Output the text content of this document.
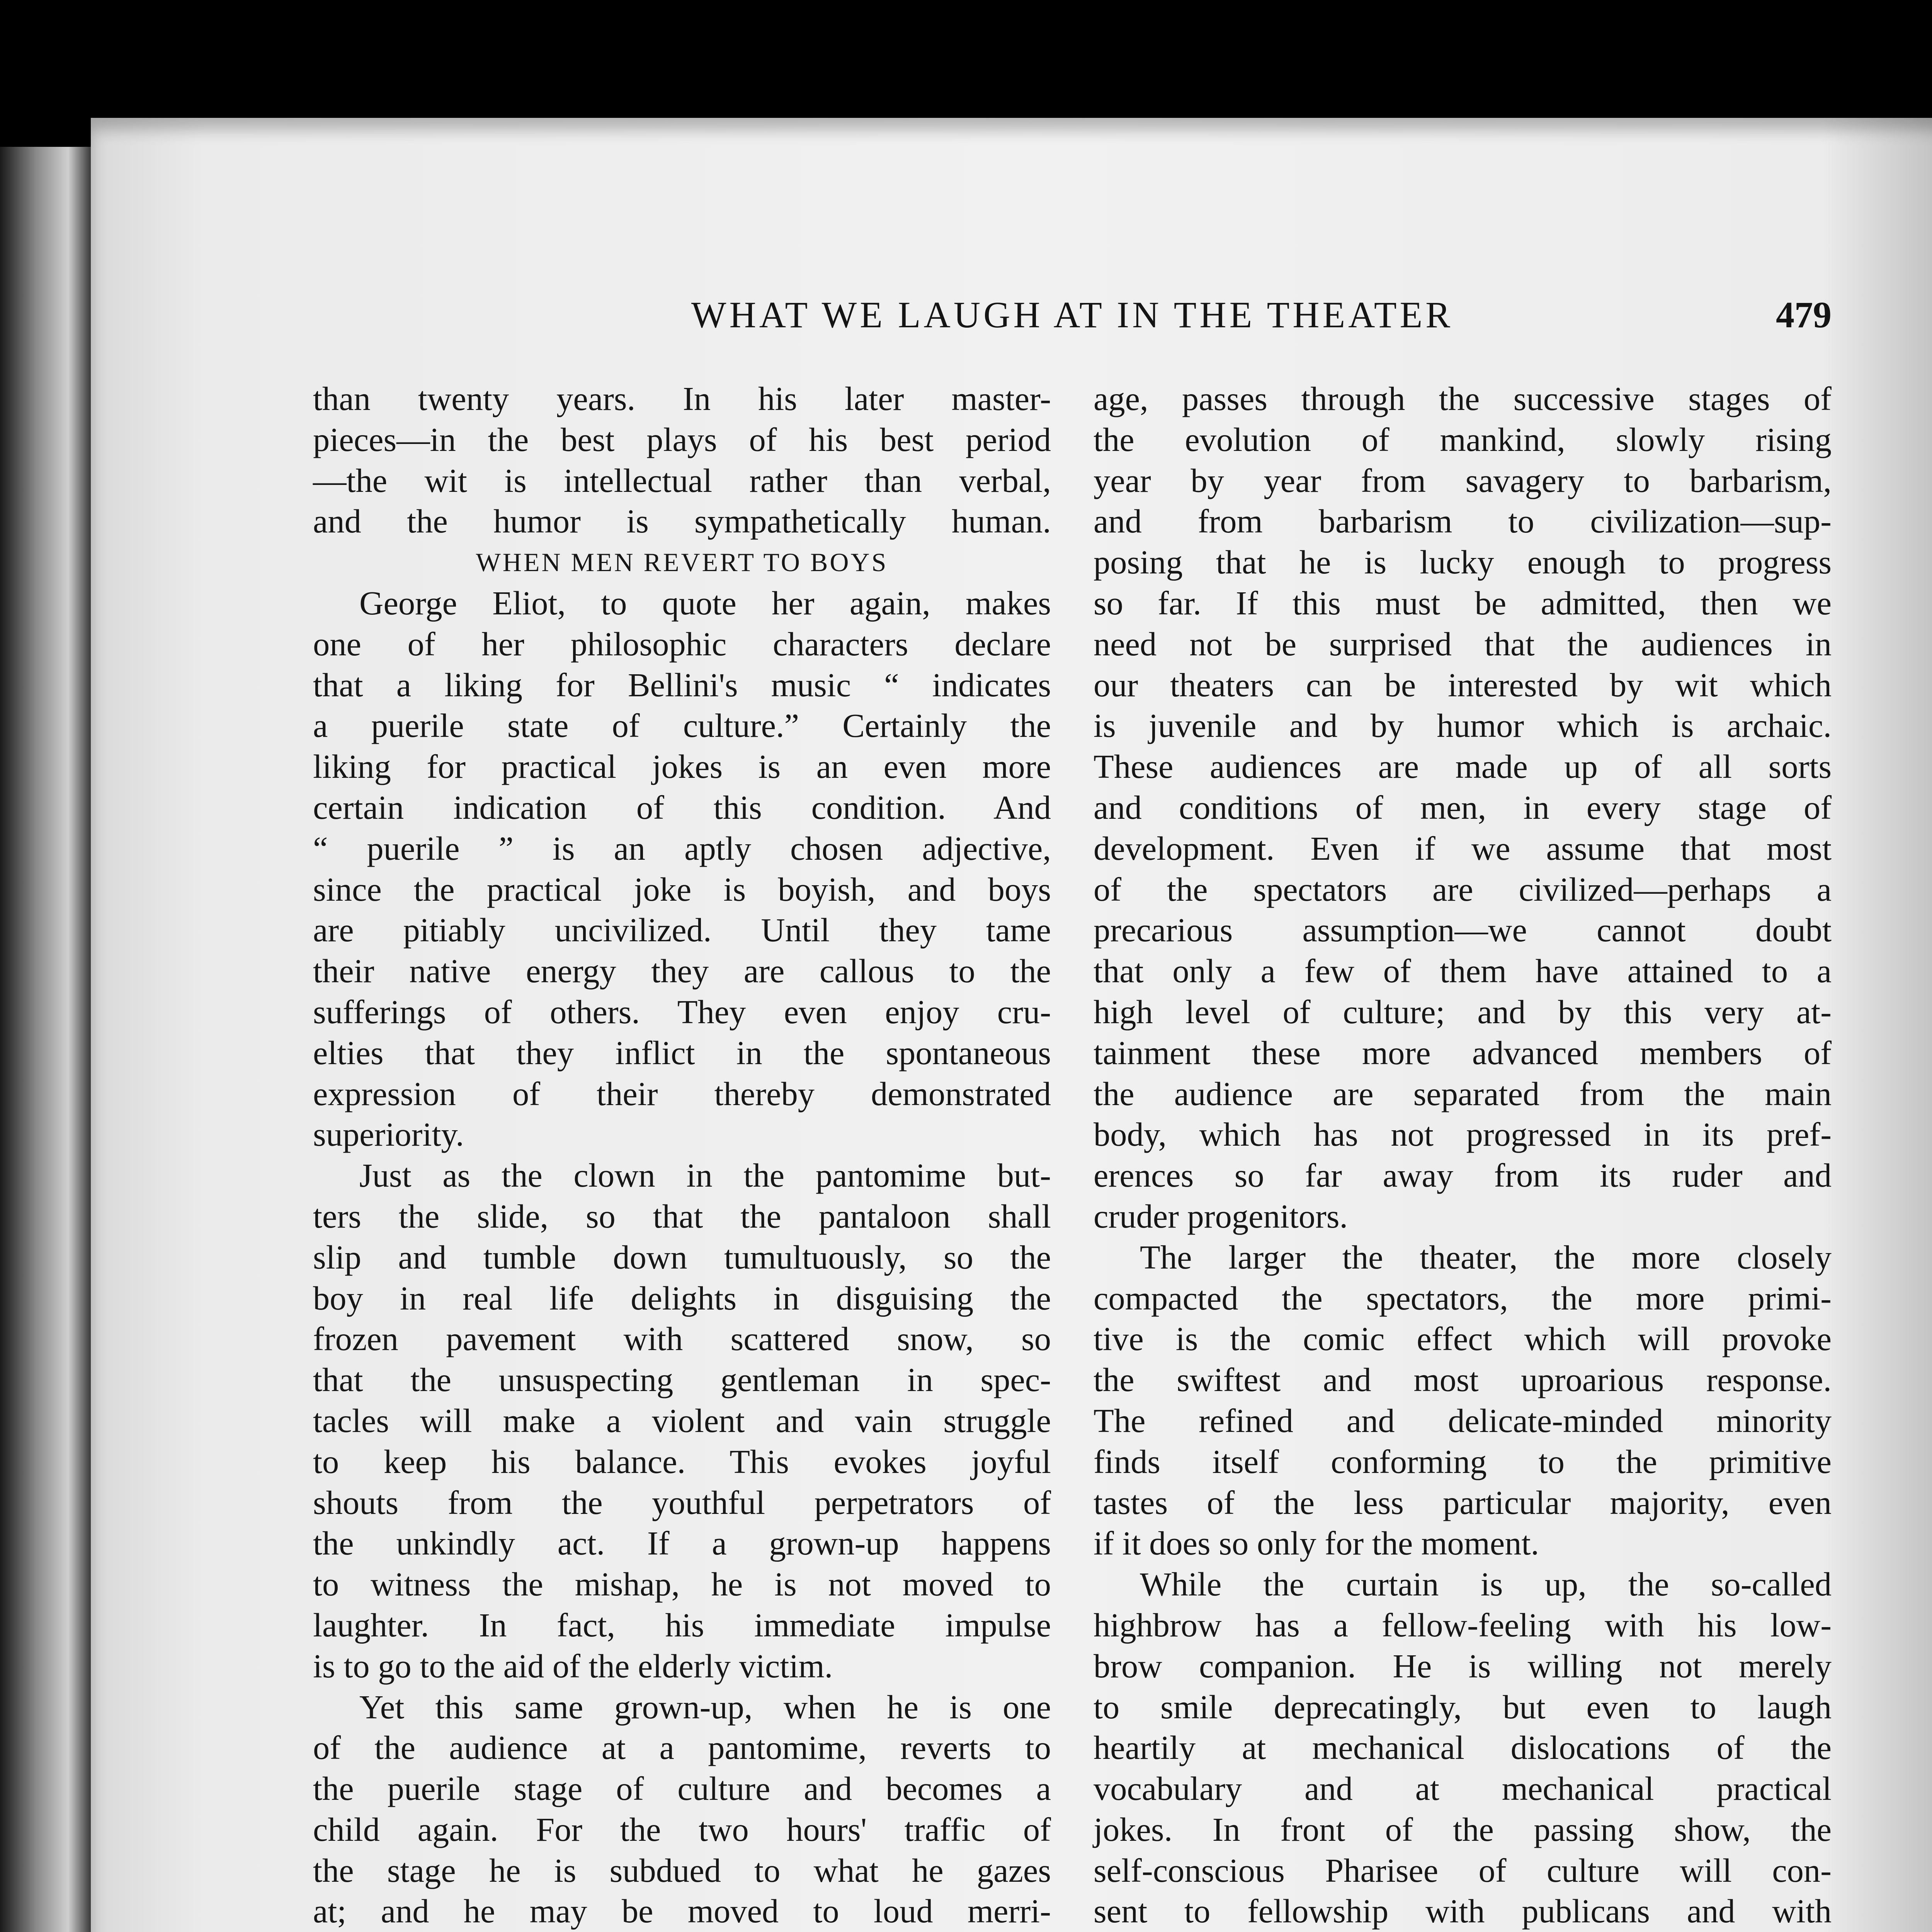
WHAT WE LAUGH AT IN THE THEATER	479
than twenty years. In his later master-
pieces—in the best plays of his best period
—the wit is intellectual rather than verbal,
and the humor is sympathetically human.
WHEN MEN REVERT TO BOYS
George Eliot, to quote her again, makes
one of her philosophic characters declare
that a liking for Bellini's music “ indicates
a puerile state of culture.” Certainly the
liking for practical jokes is an even more
certain indication of this condition. And
“ puerile ” is an aptly chosen adjective,
since the practical joke is boyish, and boys
are pitiably uncivilized. Until they tame
their native energy they are callous to the
sufferings of others. They even enjoy cru-
elties that they inflict in the spontaneous
expression of their thereby demonstrated
superiority.
Just as the clown in the pantomime but-
ters the slide, so that the pantaloon shall
slip and tumble down tumultuously, so the
boy in real life delights in disguising the
frozen pavement with scattered snow, so
that the unsuspecting gentleman in spec-
tacles will make a violent and vain struggle
to keep his balance. This evokes joyful
shouts from the youthful perpetrators of
the unkindly act. If a grown-up happens
to witness the mishap, he is not moved to
laughter. In fact, his immediate impulse
is to go to the aid of the elderly victim.
Yet this same grown-up, when he is one
of the audience at a pantomime, reverts to
the puerile stage of culture and becomes a
child again. For the two hours' traffic of
the stage he is subdued to what he gazes
at; and he may be moved to loud merri-
age, passes through the successive stages of
the evolution of mankind, slowly rising
year by year from savagery to barbarism,
and from barbarism to civilization—sup-
posing that he is lucky enough to progress
so far. If this must be admitted, then we
need not be surprised that the audiences in
our theaters can be interested by wit which
is juvenile and by humor which is archaic.
These audiences are made up of all sorts
and conditions of men, in every stage of
development. Even if we assume that most
of the spectators are civilized—perhaps a
precarious assumption—we cannot doubt
that only a few of them have attained to a
high level of culture; and by this very at-
tainment these more advanced members of
the audience are separated from the main
body, which has not progressed in its pref-
erences so far away from its ruder and
cruder progenitors.
The larger the theater, the more closely
compacted the spectators, the more primi-
tive is the comic effect which will provoke
the swiftest and most uproarious response.
The refined and delicate-minded minority
finds itself conforming to the primitive
tastes of the less particular majority, even
if it does so only for the moment.
While the curtain is up, the so-called
highbrow has a fellow-feeling with his low-
brow companion. He is willing not merely
to smile deprecatingly, but even to laugh
heartily at mechanical dislocations of the
vocabulary and at mechanical practical
jokes. In front of the passing show, the
self-conscious Pharisee of culture will con-
sent to fellowship with publicans and with
